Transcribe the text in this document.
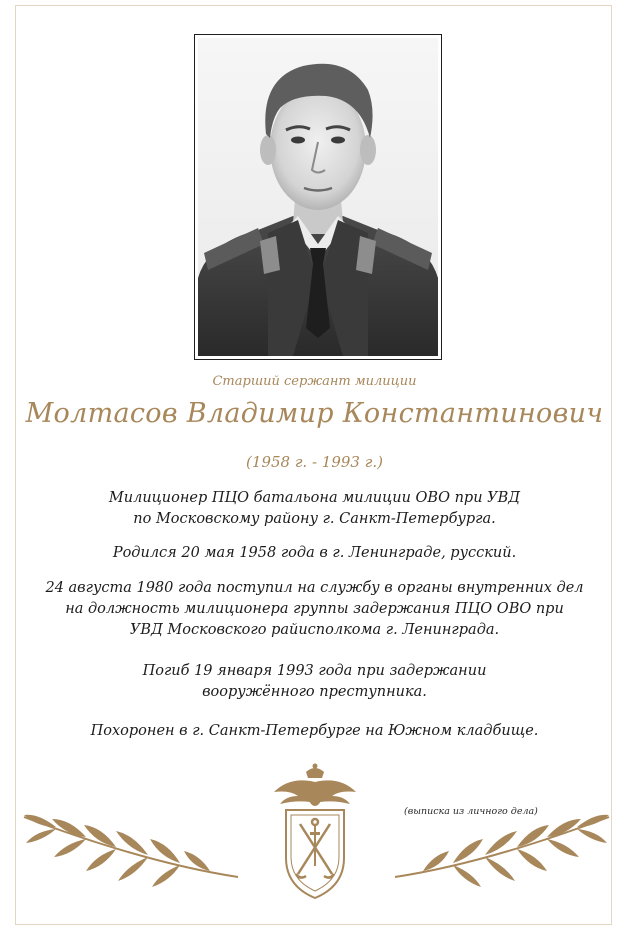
Старший сержант милиции
Молтасов Владимир Константинович
(1958 г. - 1993 г.)

Милиционер ПЦО батальона милиции ОВО при УВД
по Московскому району г. Санкт-Петербурга.

Родился 20 мая 1958 года в г. Ленинграде, русский.

24 августа 1980 года поступил на службу в органы внутренних дел
на должность милиционера группы задержания ПЦО ОВО при
УВД Московского райисполкома г. Ленинграда.

Погиб 19 января 1993 года при задержании
вооружённого преступника.

Похоронен в г. Санкт-Петербурге на Южном кладбище.

(выписка из личного дела)
